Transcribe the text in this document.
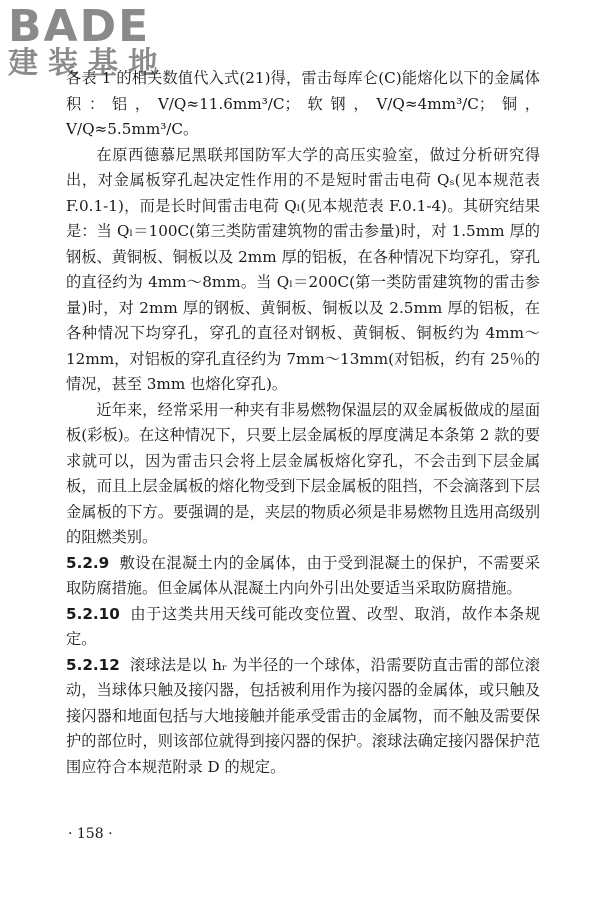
BADE
建装基地

各表 1 的相关数值代入式(21)得，雷击每库仑(C)能熔化以下的金属体积：铝，V/Q≈11.6mm³/C；软钢，V/Q≈4mm³/C；铜，V/Q≈5.5mm³/C。

在原西德慕尼黑联邦国防军大学的高压实验室，做过分析研究得出，对金属板穿孔起决定性作用的不是短时雷击电荷 Qₛ(见本规范表 F.0.1-1)，而是长时间雷击电荷 Qₗ(见本规范表 F.0.1-4)。其研究结果是：当 Qₗ＝100C(第三类防雷建筑物的雷击参量)时，对 1.5mm 厚的钢板、黄铜板、铜板以及 2mm 厚的铝板，在各种情况下均穿孔，穿孔的直径约为 4mm～8mm。当 Qₗ＝200C(第一类防雷建筑物的雷击参量)时，对 2mm 厚的钢板、黄铜板、铜板以及 2.5mm 厚的铝板，在各种情况下均穿孔，穿孔的直径对钢板、黄铜板、铜板约为 4mm～12mm，对铝板的穿孔直径约为 7mm～13mm(对铝板，约有 25％的情况，甚至 3mm 也熔化穿孔)。

近年来，经常采用一种夹有非易燃物保温层的双金属板做成的屋面板(彩板)。在这种情况下，只要上层金属板的厚度满足本条第 2 款的要求就可以，因为雷击只会将上层金属板熔化穿孔，不会击到下层金属板，而且上层金属板的熔化物受到下层金属板的阻挡，不会滴落到下层金属板的下方。要强调的是，夹层的物质必须是非易燃物且选用高级别的阻燃类别。

5.2.9 敷设在混凝土内的金属体，由于受到混凝土的保护，不需要采取防腐措施。但金属体从混凝土内向外引出处要适当采取防腐措施。

5.2.10 由于这类共用天线可能改变位置、改型、取消，故作本条规定。

5.2.12 滚球法是以 hᵣ 为半径的一个球体，沿需要防直击雷的部位滚动，当球体只触及接闪器，包括被利用作为接闪器的金属体，或只触及接闪器和地面包括与大地接触并能承受雷击的金属物，而不触及需要保护的部位时，则该部位就得到接闪器的保护。滚球法确定接闪器保护范围应符合本规范附录 D 的规定。

· 158 ·
